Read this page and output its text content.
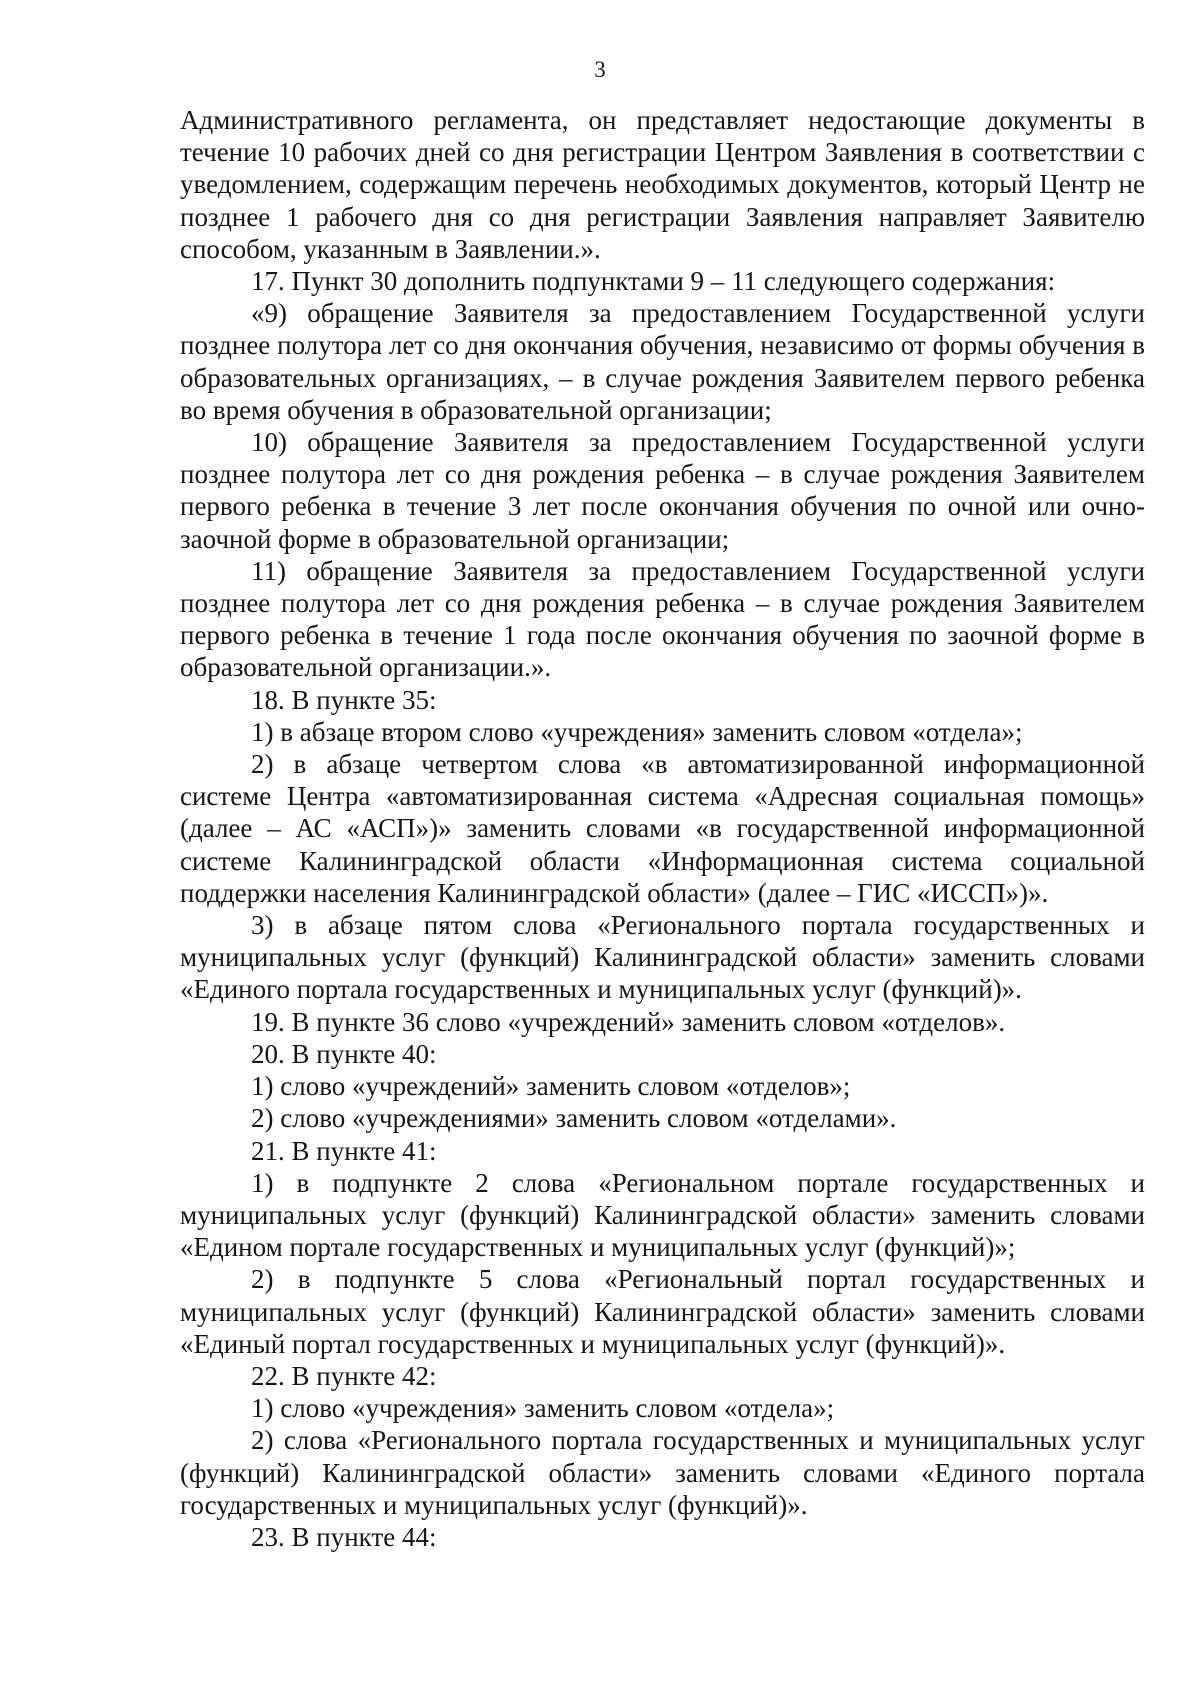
3

Административного регламента, он представляет недостающие документы в течение 10 рабочих дней со дня регистрации Центром Заявления в соответствии с уведомлением, содержащим перечень необходимых документов, который Центр не позднее 1 рабочего дня со дня регистрации Заявления направляет Заявителю способом, указанным в Заявлении.».

17. Пункт 30 дополнить подпунктами 9 – 11 следующего содержания:

«9) обращение Заявителя за предоставлением Государственной услуги позднее полутора лет со дня окончания обучения, независимо от формы обучения в образовательных организациях, – в случае рождения Заявителем первого ребенка во время обучения в образовательной организации;

10) обращение Заявителя за предоставлением Государственной услуги позднее полутора лет со дня рождения ребенка – в случае рождения Заявителем первого ребенка в течение 3 лет после окончания обучения по очной или очно-заочной форме в образовательной организации;

11) обращение Заявителя за предоставлением Государственной услуги позднее полутора лет со дня рождения ребенка – в случае рождения Заявителем первого ребенка в течение 1 года после окончания обучения по заочной форме в образовательной организации.».

18. В пункте 35:

1) в абзаце втором слово «учреждения» заменить словом «отдела»;

2) в абзаце четвертом слова «в автоматизированной информационной системе Центра «автоматизированная система «Адресная социальная помощь» (далее – АС «АСП»)» заменить словами «в государственной информационной системе Калининградской области «Информационная система социальной поддержки населения Калининградской области» (далее – ГИС «ИССП»)».

3) в абзаце пятом слова «Регионального портала государственных и муниципальных услуг (функций) Калининградской области» заменить словами «Единого портала государственных и муниципальных услуг (функций)».

19. В пункте 36 слово «учреждений» заменить словом «отделов».

20. В пункте 40:

1) слово «учреждений» заменить словом «отделов»;

2) слово «учреждениями» заменить словом «отделами».

21. В пункте 41:

1) в подпункте 2 слова «Региональном портале государственных и муниципальных услуг (функций) Калининградской области» заменить словами «Едином портале государственных и муниципальных услуг (функций)»;

2) в подпункте 5 слова «Региональный портал государственных и муниципальных услуг (функций) Калининградской области» заменить словами «Единый портал государственных и муниципальных услуг (функций)».

22. В пункте 42:

1) слово «учреждения» заменить словом «отдела»;

2) слова «Регионального портала государственных и муниципальных услуг (функций) Калининградской области» заменить словами «Единого портала государственных и муниципальных услуг (функций)».

23. В пункте 44:
